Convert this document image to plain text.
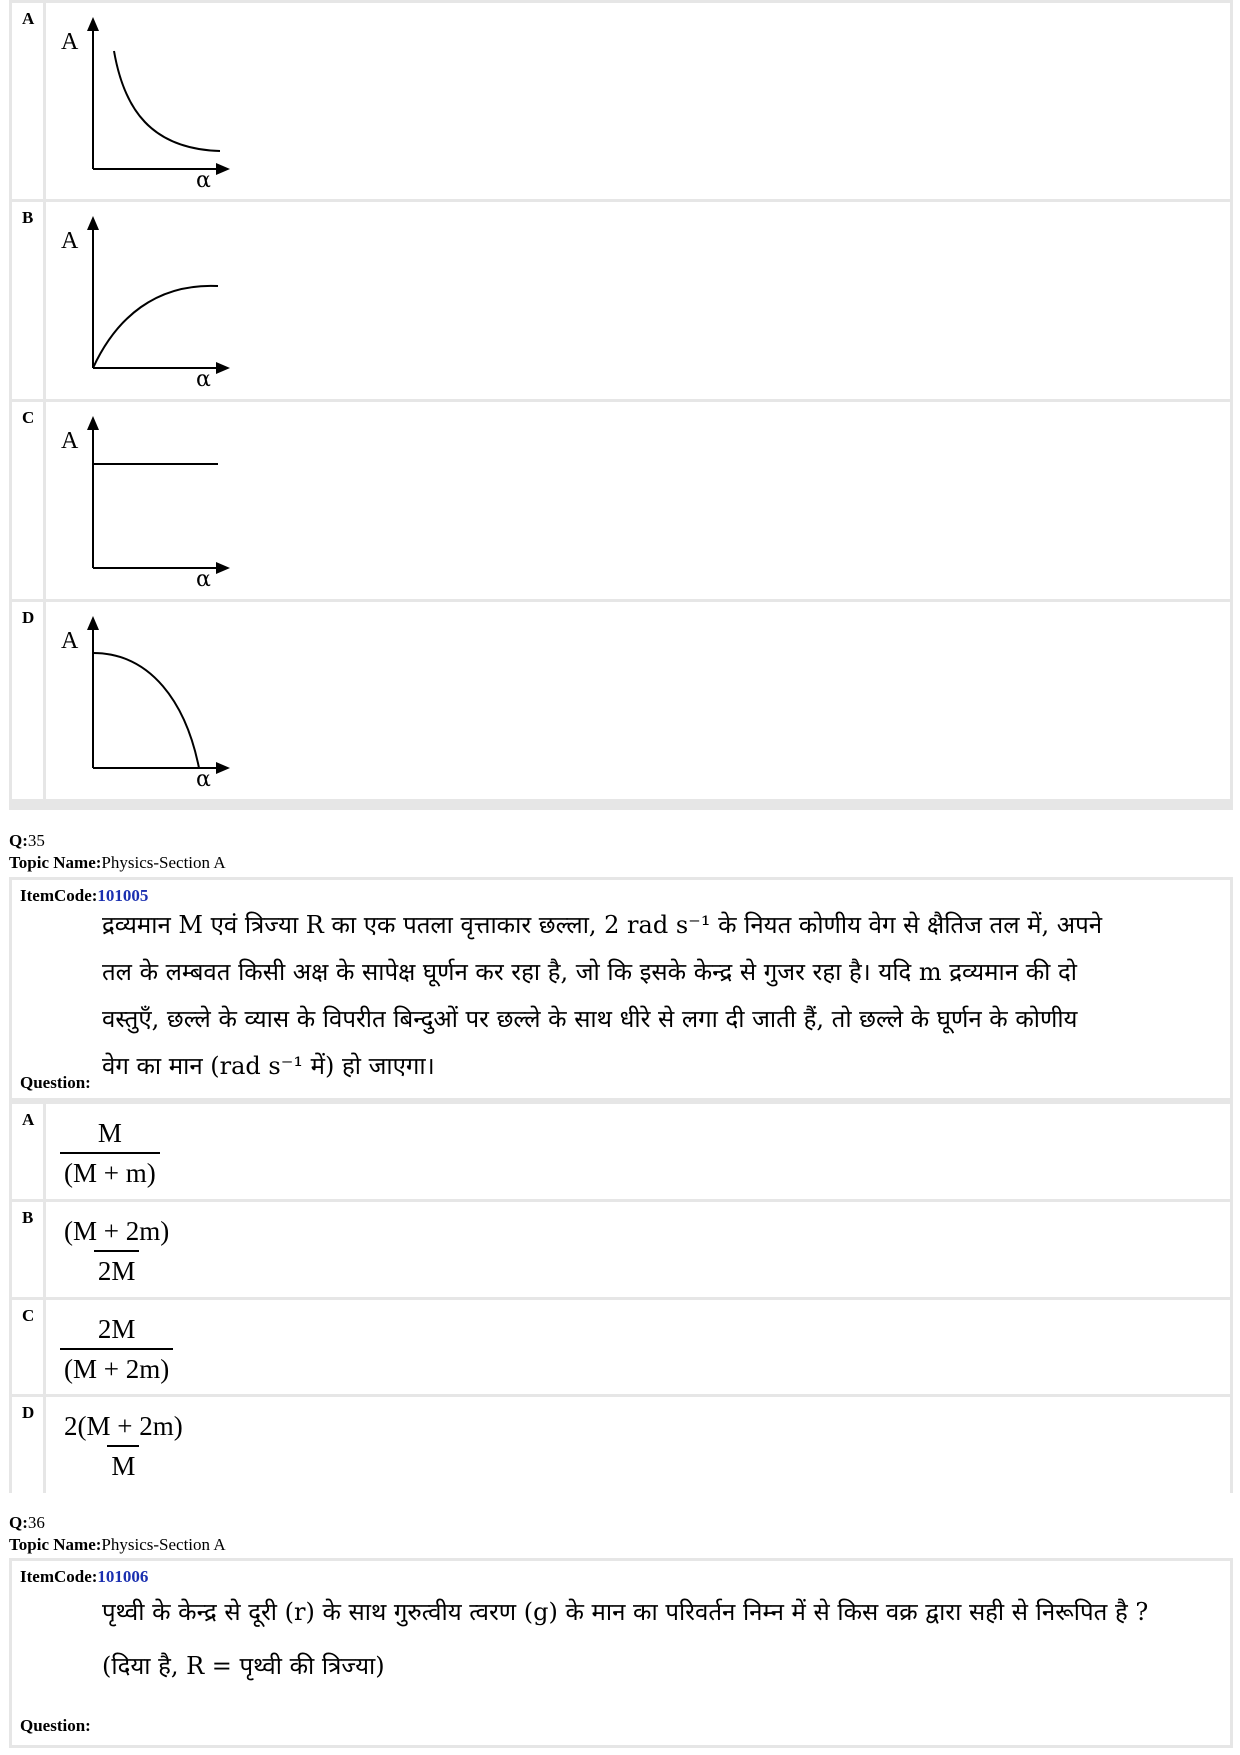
A
A
α
B
A
α
C
A
α
D
A
α
Q:35
Topic Name:Physics-Section A
ItemCode:101005
द्रव्यमान M एवं त्रिज्या R का एक पतला वृत्ताकार छल्ला, 2 rad s⁻¹ के नियत कोणीय वेग से क्षैतिज तल में, अपने
तल के लम्बवत किसी अक्ष के सापेक्ष घूर्णन कर रहा है, जो कि इसके केन्द्र से गुजर रहा है। यदि m द्रव्यमान की दो
वस्तुएँ, छल्ले के व्यास के विपरीत बिन्दुओं पर छल्ले के साथ धीरे से लगा दी जाती हैं, तो छल्ले के घूर्णन के कोणीय
वेग का मान (rad s⁻¹ में) हो जाएगा।
Question:
A $\frac{M}{(M + m)}$
B $\frac{(M + 2m)}{2M}$
C $\frac{2M}{(M + 2m)}$
D $\frac{2(M + 2m)}{M}$
Q:36
Topic Name:Physics-Section A
ItemCode:101006
पृथ्वी के केन्द्र से दूरी (r) के साथ गुरुत्वीय त्वरण (g) के मान का परिवर्तन निम्न में से किस वक्र द्वारा सही से निरूपित है ?
(दिया है, R = पृथ्वी की त्रिज्या)
Question:
